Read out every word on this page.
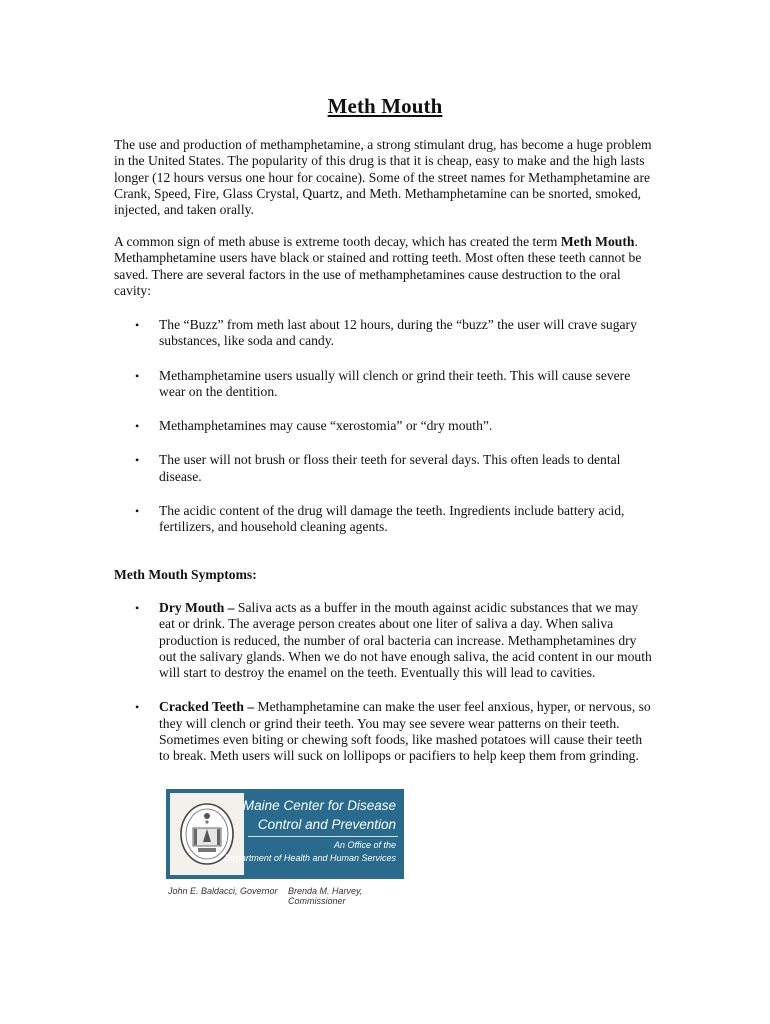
Meth Mouth

The use and production of methamphetamine, a strong stimulant drug, has become a huge problem in the United States. The popularity of this drug is that it is cheap, easy to make and the high lasts longer (12 hours versus one hour for cocaine). Some of the street names for Methamphetamine are Crank, Speed, Fire, Glass Crystal, Quartz, and Meth. Methamphetamine can be snorted, smoked, injected, and taken orally.

A common sign of meth abuse is extreme tooth decay, which has created the term Meth Mouth. Methamphetamine users have black or stained and rotting teeth. Most often these teeth cannot be saved. There are several factors in the use of methamphetamines cause destruction to the oral cavity:

• The “Buzz” from meth last about 12 hours, during the “buzz” the user will crave sugary substances, like soda and candy.
• Methamphetamine users usually will clench or grind their teeth. This will cause severe wear on the dentition.
• Methamphetamines may cause “xerostomia” or “dry mouth”.
• The user will not brush or floss their teeth for several days. This often leads to dental disease.
• The acidic content of the drug will damage the teeth. Ingredients include battery acid, fertilizers, and household cleaning agents.
Meth Mouth Symptoms:
• Dry Mouth – Saliva acts as a buffer in the mouth against acidic substances that we may eat or drink. The average person creates about one liter of saliva a day. When saliva production is reduced, the number of oral bacteria can increase. Methamphetamines dry out the salivary glands. When we do not have enough saliva, the acid content in our mouth will start to destroy the enamel on the teeth. Eventually this will lead to cavities.
• Cracked Teeth – Methamphetamine can make the user feel anxious, hyper, or nervous, so they will clench or grind their teeth. You may see severe wear patterns on their teeth. Sometimes even biting or chewing soft foods, like mashed potatoes will cause their teeth to break. Meth users will suck on lollipops or pacifiers to help keep them from grinding.
Maine Center for Disease
Control and Prevention
An Office of the
Department of Health and Human Services
John E. Baldacci, Governor Brenda M. Harvey, Commissioner
